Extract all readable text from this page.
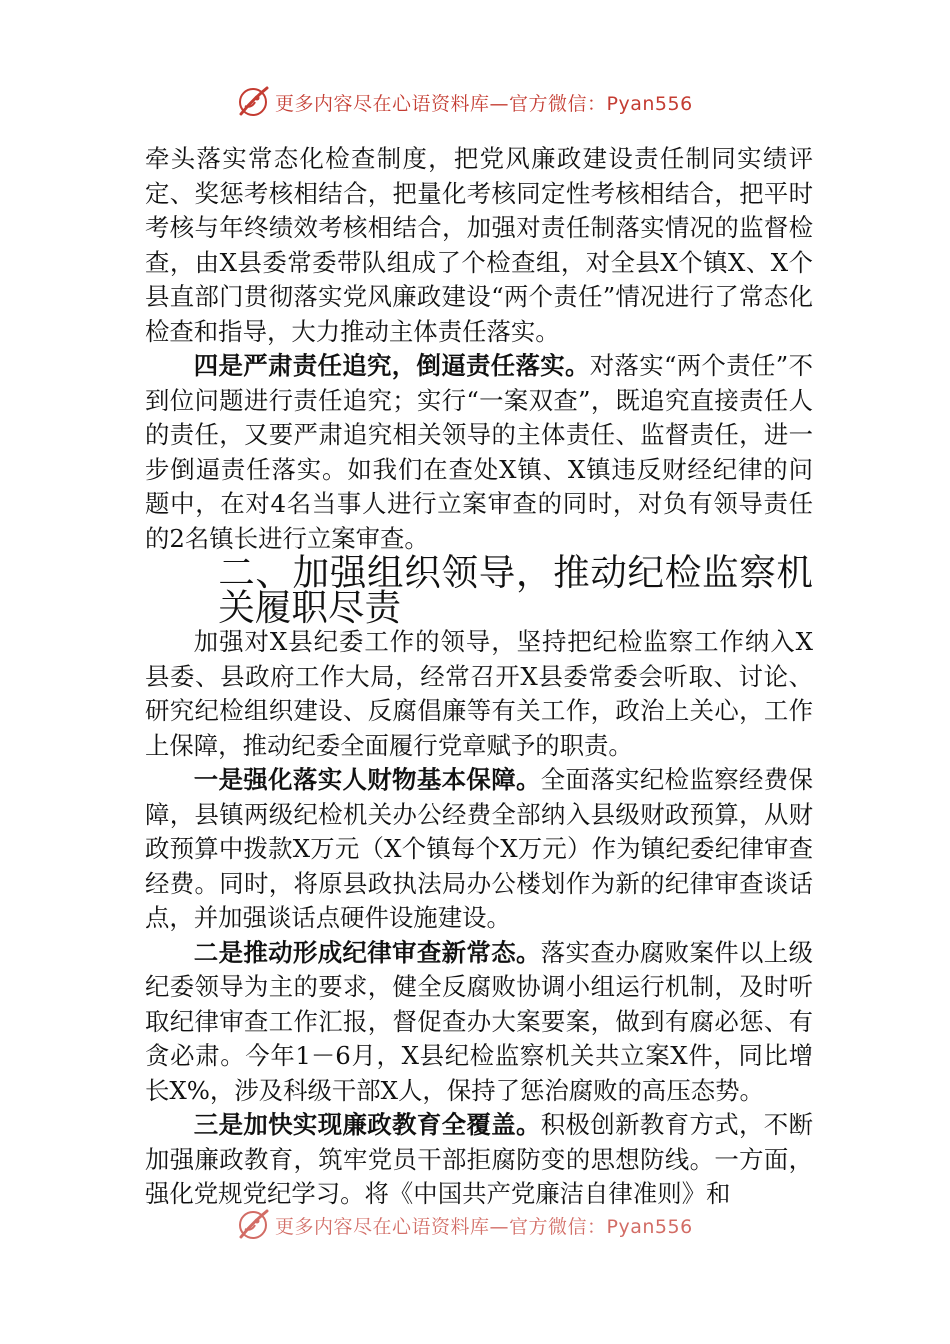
更多内容尽在心语资料库—官方微信：Pyan556

牵头落实常态化检查制度，把党风廉政建设责任制同实绩评定、奖惩考核相结合，把量化考核同定性考核相结合，把平时考核与年终绩效考核相结合，加强对责任制落实情况的监督检查，由X县委常委带队组成了个检查组，对全县X个镇X、X个县直部门贯彻落实党风廉政建设“两个责任”情况进行了常态化检查和指导，大力推动主体责任落实。

四是严肃责任追究，倒逼责任落实。对落实“两个责任”不到位问题进行责任追究；实行“一案双查”，既追究直接责任人的责任，又要严肃追究相关领导的主体责任、监督责任，进一步倒逼责任落实。如我们在查处X镇、X镇违反财经纪律的问题中，在对4名当事人进行立案审查的同时，对负有领导责任的2名镇长进行立案审查。

二、加强组织领导，推动纪检监察机关履职尽责

加强对X县纪委工作的领导，坚持把纪检监察工作纳入X县委、县政府工作大局，经常召开X县委常委会听取、讨论、研究纪检组织建设、反腐倡廉等有关工作，政治上关心，工作上保障，推动纪委全面履行党章赋予的职责。

一是强化落实人财物基本保障。全面落实纪检监察经费保障，县镇两级纪检机关办公经费全部纳入县级财政预算，从财政预算中拨款X万元（X个镇每个X万元）作为镇纪委纪律审查经费。同时，将原县政执法局办公楼划作为新的纪律审查谈话点，并加强谈话点硬件设施建设。

二是推动形成纪律审查新常态。落实查办腐败案件以上级纪委领导为主的要求，健全反腐败协调小组运行机制，及时听取纪律审查工作汇报，督促查办大案要案，做到有腐必惩、有贪必肃。今年1－6月，X县纪检监察机关共立案X件，同比增长X%，涉及科级干部X人，保持了惩治腐败的高压态势。

三是加快实现廉政教育全覆盖。积极创新教育方式，不断加强廉政教育，筑牢党员干部拒腐防变的思想防线。一方面，强化党规党纪学习。将《中国共产党廉洁自律准则》和

更多内容尽在心语资料库—官方微信：Pyan556
